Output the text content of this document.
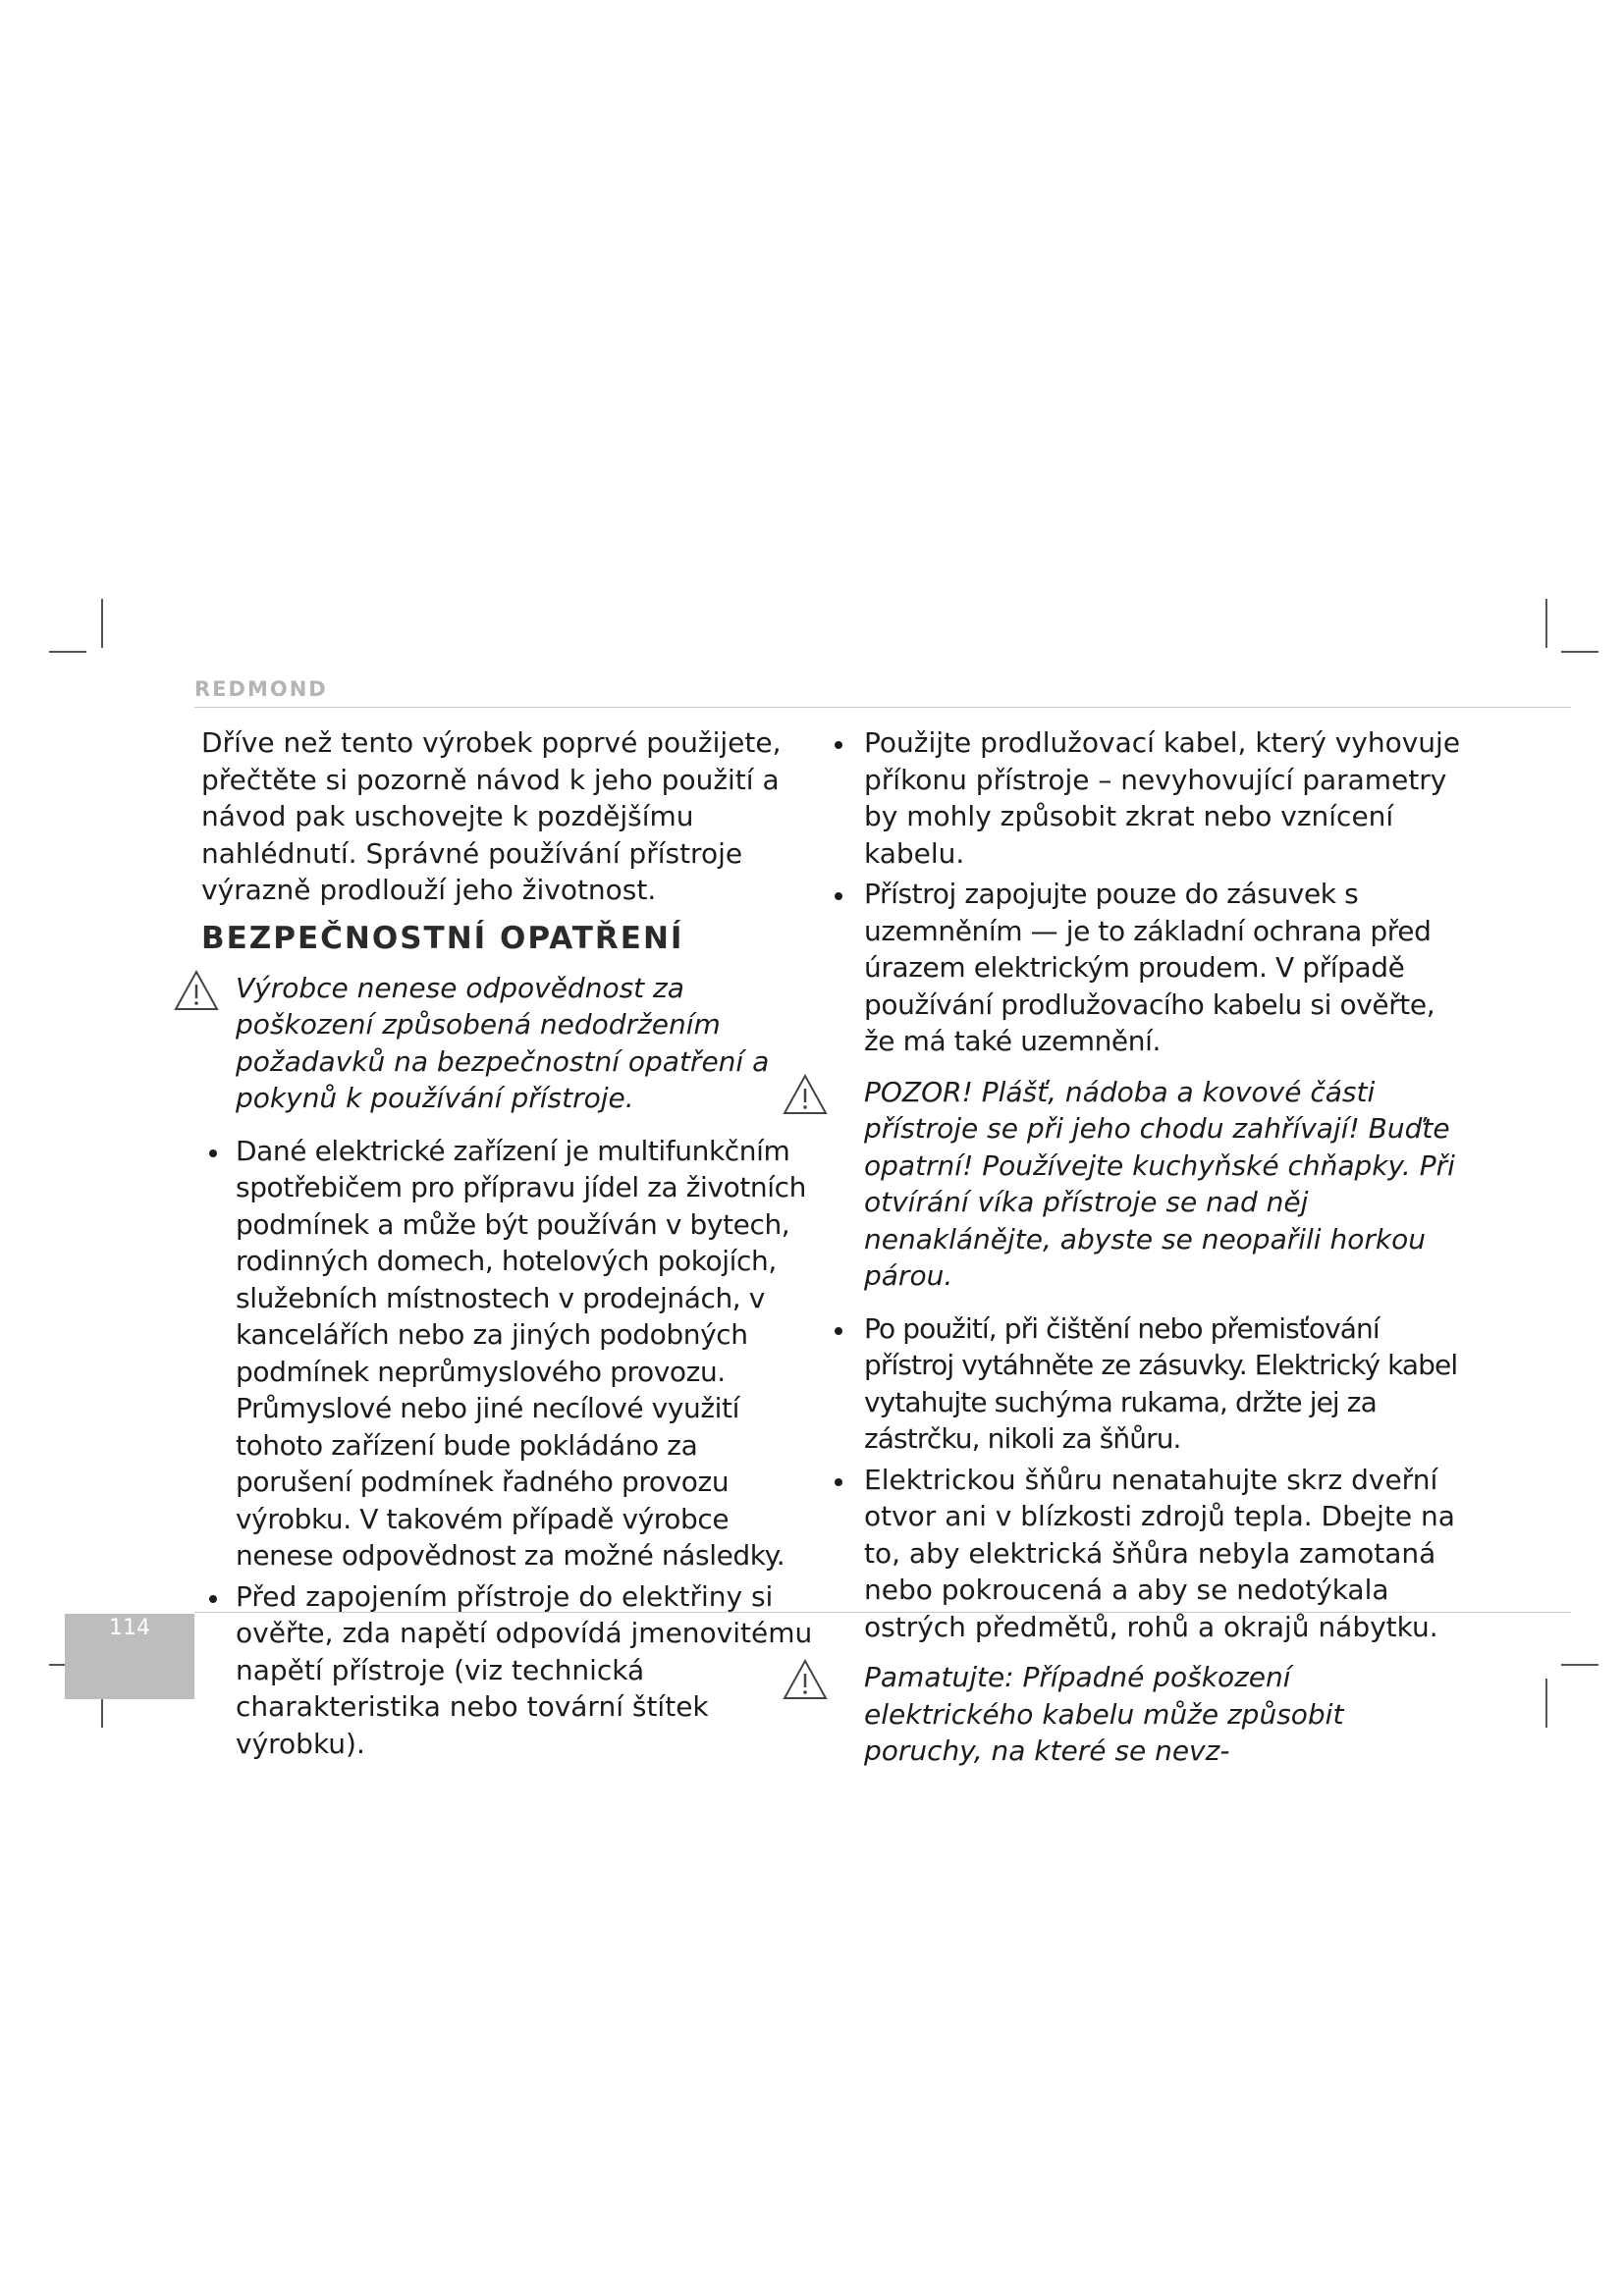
REDMOND

Dříve než tento výrobek poprvé použijete, přečtěte si pozorně návod k jeho použití a návod pak uschovejte k pozdějšímu nahlédnutí. Správné používání přístroje výrazně prodlouží jeho životnost.

BEZPEČNOSTNÍ OPATŘENÍ

Výrobce nenese odpovědnost za poškození způsobená nedodržením požadavků na bezpečnostní opatření a pokynů k používání přístroje.

Dané elektrické zařízení je multifunkčním spotřebičem pro přípravu jídel za životních podmínek a může být používán v bytech, rodinných domech, hotelových pokojích, služebních místnostech v prodejnách, v kancelářích nebo za jiných podobných podmínek neprůmyslového provozu. Průmyslové nebo jiné necílové využití tohoto zařízení bude pokládáno za porušení podmínek řadného provozu výrobku. V takovém případě výrobce nenese odpovědnost za možné následky.

Před zapojením přístroje do elektřiny si ověřte, zda napětí odpovídá jmenovitému napětí přístroje (viz technická charakteristika nebo tovární štítek výrobku).

Použijte prodlužovací kabel, který vyhovuje příkonu přístroje – nevyhovující parametry by mohly způsobit zkrat nebo vznícení kabelu.

Přístroj zapojujte pouze do zásuvek s uzemněním — je to základní ochrana před úrazem elektrickým proudem. V případě používání prodlužovacího kabelu si ověřte, že má také uzemnění.

POZOR! Plášť, nádoba a kovové části přístroje se při jeho chodu zahřívají! Buďte opatrní! Používejte kuchyňské chňapky. Při otvírání víka přístroje se nad něj nenaklánějte, abyste se neopařili horkou párou.

Po použití, při čištění nebo přemisťování přístroj vytáhněte ze zásuvky. Elektrický kabel vytahujte suchýma rukama, držte jej za zástrčku, nikoli za šňůru.

Elektrickou šňůru nenatahujte skrz dveřní otvor ani v blízkosti zdrojů tepla. Dbejte na to, aby elektrická šňůra nebyla zamotaná nebo pokroucená a aby se nedotýkala ostrých předmětů, rohů a okrajů nábytku.

Pamatujte: Případné poškození elektrického kabelu může způsobit poruchy, na které se nevz-

114
